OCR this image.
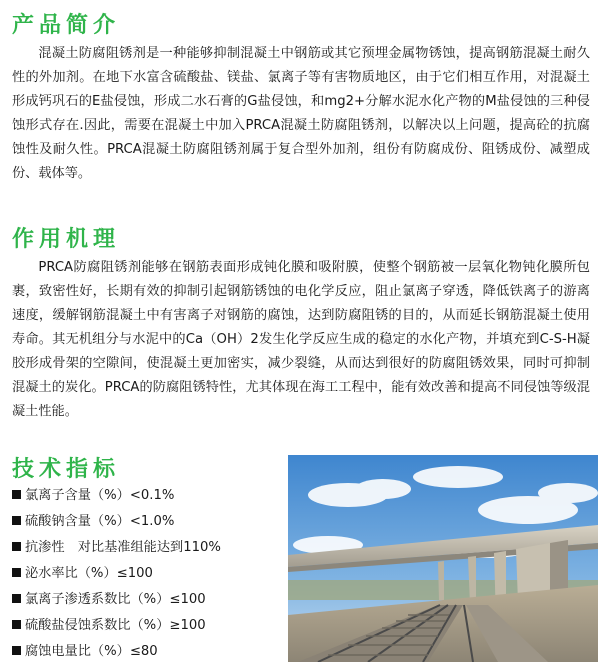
产品简介

混凝土防腐阻锈剂是一种能够抑制混凝土中钢筋或其它预埋金属物锈蚀，提高钢筋混凝土耐久性的外加剂。在地下水富含硫酸盐、镁盐、氯离子等有害物质地区，由于它们相互作用，对混凝土形成钙巩石的E盐侵蚀，形成二水石膏的G盐侵蚀，和mg2+分解水泥水化产物的M盐侵蚀的三种侵蚀形式存在.因此，需要在混凝土中加入PRCA混凝土防腐阻锈剂，以解决以上问题，提高砼的抗腐蚀性及耐久性。PRCA混凝土防腐阻锈剂属于复合型外加剂，组份有防腐成份、阻锈成份、减塑成份、载体等。

作用机理

PRCA防腐阻锈剂能够在钢筋表面形成钝化膜和吸附膜，使整个钢筋被一层氧化物钝化膜所包裹，致密性好，长期有效的抑制引起钢筋锈蚀的电化学反应，阻止氯离子穿透，降低铁离子的游离速度，缓解钢筋混凝土中有害离子对钢筋的腐蚀，达到防腐阻锈的目的，从而延长钢筋混凝土使用寿命。其无机组分与水泥中的Ca（OH）2发生化学反应生成的稳定的水化产物，并填充到C-S-H凝胶形成骨架的空隙间，使混凝土更加密实，减少裂缝，从而达到很好的防腐阻锈效果，同时可抑制混凝土的炭化。PRCA的防腐阻锈特性，尤其体现在海工工程中，能有效改善和提高不同侵蚀等级混凝土性能。

技术指标
氯离子含量（%）<0.1%
硫酸钠含量（%）<1.0%
抗渗性　对比基准组能达到110%
泌水率比（%）≤100
氯离子渗透系数比（%）≤100
硫酸盐侵蚀系数比（%）≥100
腐蚀电量比（%）≤80
